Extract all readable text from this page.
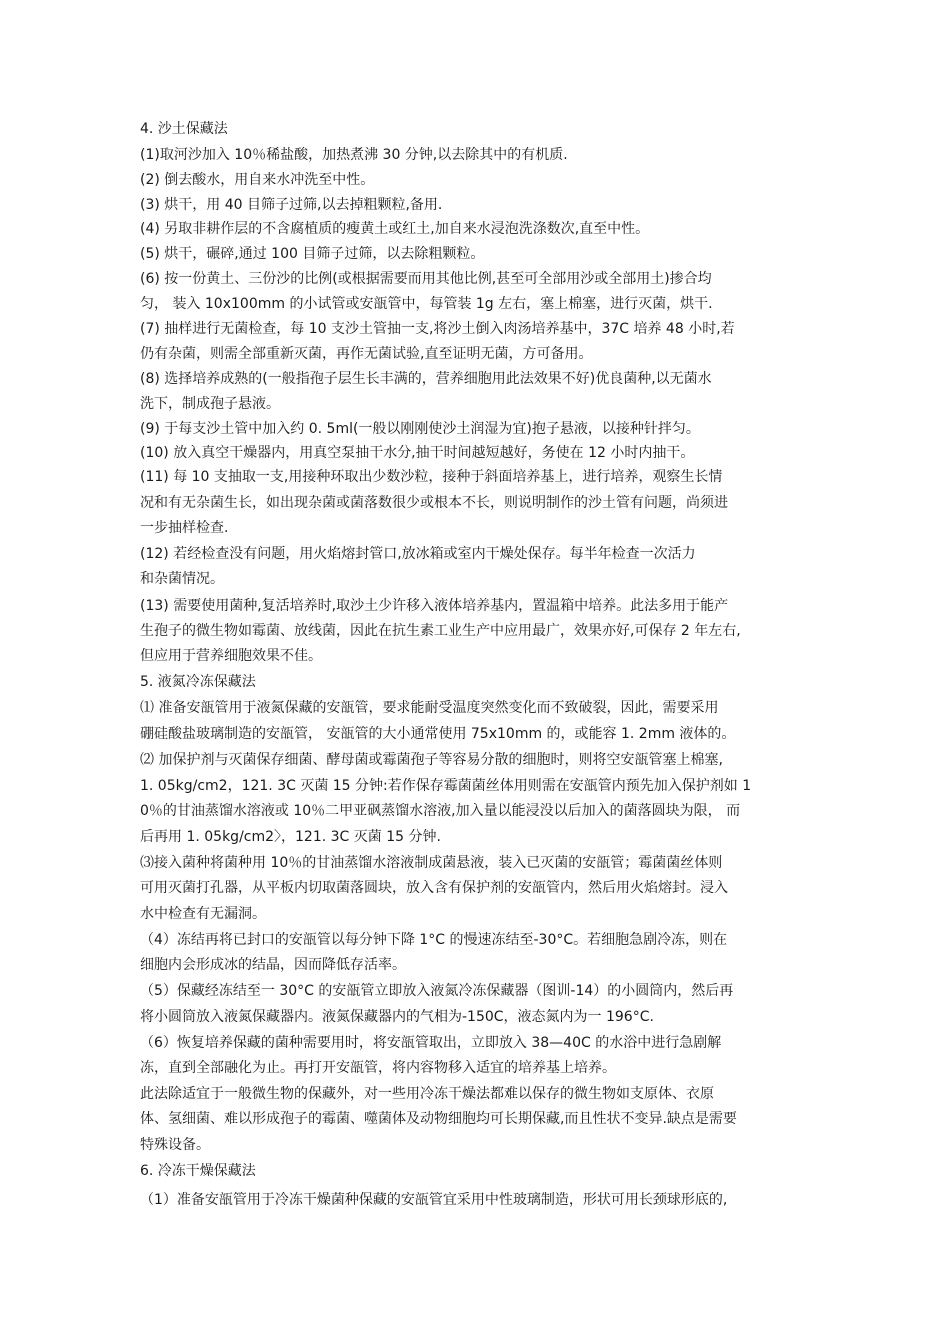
4. 沙土保藏法
(1)取河沙加入 10％稀盐酸，加热煮沸 30 分钟,以去除其中的有机质.
(2) 倒去酸水，用自来水冲洗至中性。
(3) 烘干，用 40 目筛子过筛,以去掉粗颗粒,备用.
(4) 另取非耕作层的不含腐植质的瘦黄土或红土,加自来水浸泡洗涤数次,直至中性。
(5) 烘干，碾碎,通过 100 目筛子过筛，以去除粗颗粒。
(6) 按一份黄土、三份沙的比例(或根据需要而用其他比例,甚至可全部用沙或全部用土)掺合均
匀， 装入 10x100mm 的小试管或安瓿管中，每管装 1g 左右，塞上棉塞，进行灭菌，烘干.
(7) 抽样进行无菌检查，每 10 支沙土管抽一支,将沙土倒入肉汤培养基中，37C 培养 48 小时,若
仍有杂菌，则需全部重新灭菌，再作无菌试验,直至证明无菌，方可备用。
(8) 选择培养成熟的(一般指孢子层生长丰满的，营养细胞用此法效果不好)优良菌种,以无菌水
洗下，制成孢子悬液。
(9) 于每支沙土管中加入约 0. 5ml(一般以刚刚使沙土润湿为宜)抱子悬液，以接种针拌匀。
(10) 放入真空干燥器内，用真空泵抽干水分,抽干时间越短越好，务使在 12 小时内抽干。
(11) 每 10 支抽取一支,用接种环取出少数沙粒，接种于斜面培养基上，进行培养，观察生长情
况和有无杂菌生长，如出现杂菌或菌落数很少或根本不长，则说明制作的沙土管有问题，尚须进
一步抽样检查.
(12) 若经检查没有问题，用火焰熔封管口,放冰箱或室内干燥处保存。每半年检查一次活力
和杂菌情况。
(13) 需要使用菌种,复活培养时,取沙土少许移入液体培养基内，置温箱中培养。此法多用于能产
生孢子的微生物如霉菌、放线菌，因此在抗生素工业生产中应用最广，效果亦好,可保存 2 年左右,
但应用于营养细胞效果不佳。
5. 液氮冷冻保藏法
⑴ 准备安瓿管用于液氮保藏的安瓿管，要求能耐受温度突然变化而不致破裂，因此，需要采用
硼硅酸盐玻璃制造的安瓿管， 安瓿管的大小通常使用 75x10mm 的，或能容 1. 2mm 液体的。
⑵ 加保护剂与灭菌保存细菌、酵母菌或霉菌孢子等容易分散的细胞时，则将空安瓿管塞上棉塞,
1. 05kg/cm2，121. 3C 灭菌 15 分钟:若作保存霉菌菌丝体用则需在安瓿管内预先加入保护剂如 1
0％的甘油蒸馏水溶液或 10％二甲亚砜蒸馏水溶液,加入量以能浸没以后加入的菌落圆块为限， 而
后再用 1. 05kg/cm2〉，121. 3C 灭菌 15 分钟.
⑶接入菌种将菌种用 10％的甘油蒸馏水溶液制成菌悬液，装入已灭菌的安瓿管；霉菌菌丝体则
可用灭菌打孔器，从平板内切取菌落圆块，放入含有保护剂的安瓿管内，然后用火焰熔封。浸入
水中检查有无漏洞。
（4）冻结再将已封口的安瓿管以每分钟下降 1°C 的慢速冻结至-30°C。若细胞急剧冷冻，则在
细胞内会形成冰的结晶，因而降低存活率。
（5）保藏经冻结至一 30°C 的安瓿管立即放入液氮冷冻保藏器（图训-14）的小圆筒内，然后再
将小圆筒放入液氮保藏器内。液氮保藏器内的气相为-150C，液态氮内为一 196°C.
（6）恢复培养保藏的菌种需要用时，将安瓿管取出，立即放入 38—40C 的水浴中进行急剧解
冻，直到全部融化为止。再打开安瓿管，将内容物移入适宜的培养基上培养。
此法除适宜于一般微生物的保藏外，对一些用冷冻干燥法都难以保存的微生物如支原体、衣原
体、氢细菌、难以形成孢子的霉菌、噬菌体及动物细胞均可长期保藏,而且性状不变异.缺点是需要
特殊设备。
6. 冷冻干燥保藏法
（1）准备安瓿管用于冷冻干燥菌种保藏的安瓿管宜采用中性玻璃制造，形状可用长颈球形底的,
